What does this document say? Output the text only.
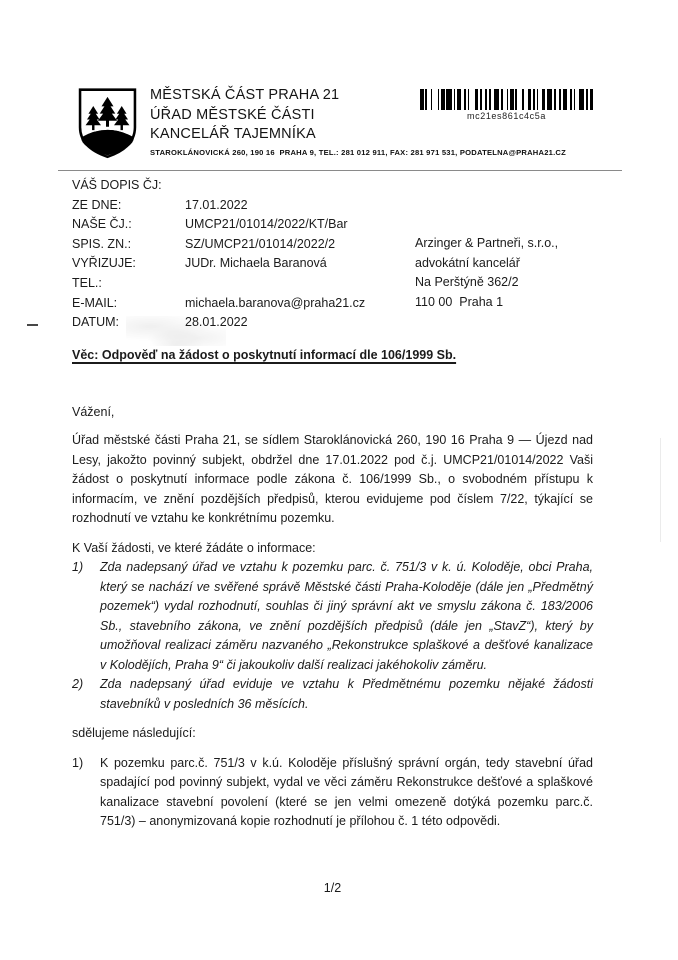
MĚSTSKÁ ČÁST PRAHA 21
ÚŘAD MĚSTSKÉ ČÁSTI
KANCELÁŘ TAJEMNÍKA
STAROKLÁNOVICKÁ 260, 190 16  PRAHA 9, TEL.: 281 012 911, FAX: 281 971 531, PODATELNA@PRAHA21.CZ
mc21es861c4c5a
VÁŠ DOPIS ČJ:
ZE DNE:	17.01.2022
NAŠE ČJ.:	UMCP21/01014/2022/KT/Bar
SPIS. ZN.:	SZ/UMCP21/01014/2022/2
VYŘIZUJE:	JUDr. Michaela Baranová
TEL.:
E-MAIL:	michaela.baranova@praha21.cz
DATUM:	28.01.2022
Arzinger & Partneři, s.r.o.,
advokátní kancelář
Na Perštýně 362/2
110 00  Praha 1
Věc: Odpověď na žádost o poskytnutí informací dle 106/1999 Sb.
Vážení,
Úřad městské části Praha 21, se sídlem Staroklánovická 260, 190 16 Praha 9 — Újezd nad Lesy, jakožto povinný subjekt, obdržel dne 17.01.2022 pod č.j. UMCP21/01014/2022 Vaši žádost o poskytnutí informace podle zákona č. 106/1999 Sb., o svobodném přístupu k informacím, ve znění pozdějších předpisů, kterou evidujeme pod číslem 7/22, týkající se rozhodnutí ve vztahu ke konkrétnímu pozemku.
K Vaší žádosti, ve které žádáte o informace:
1)	Zda nadepsaný úřad ve vztahu k pozemku parc. č. 751/3 v k. ú. Koloděje, obci Praha, který se nachází ve svěřené správě Městské části Praha-Koloděje (dále jen „Předmětný pozemek“) vydal rozhodnutí, souhlas či jiný správní akt ve smyslu zákona č. 183/2006 Sb., stavebního zákona, ve znění pozdějších předpisů (dále jen „StavZ“), který by umožňoval realizaci záměru nazvaného „Rekonstrukce splaškové a dešťové kanalizace v Kolodějích, Praha 9“ či jakoukoliv další realizaci jakéhokoliv záměru.
2)	Zda nadepsaný úřad eviduje ve vztahu k Předmětnému pozemku nějaké žádosti stavebníků v posledních 36 měsících.
sdělujeme následující:
1)	K pozemku parc.č. 751/3 v k.ú. Koloděje příslušný správní orgán, tedy stavební úřad spadající pod povinný subjekt, vydal ve věci záměru Rekonstrukce dešťové a splaškové kanalizace stavební povolení (které se jen velmi omezeně dotýká pozemku parc.č. 751/3) – anonymizovaná kopie rozhodnutí je přílohou č. 1 této odpovědi.
1/2
